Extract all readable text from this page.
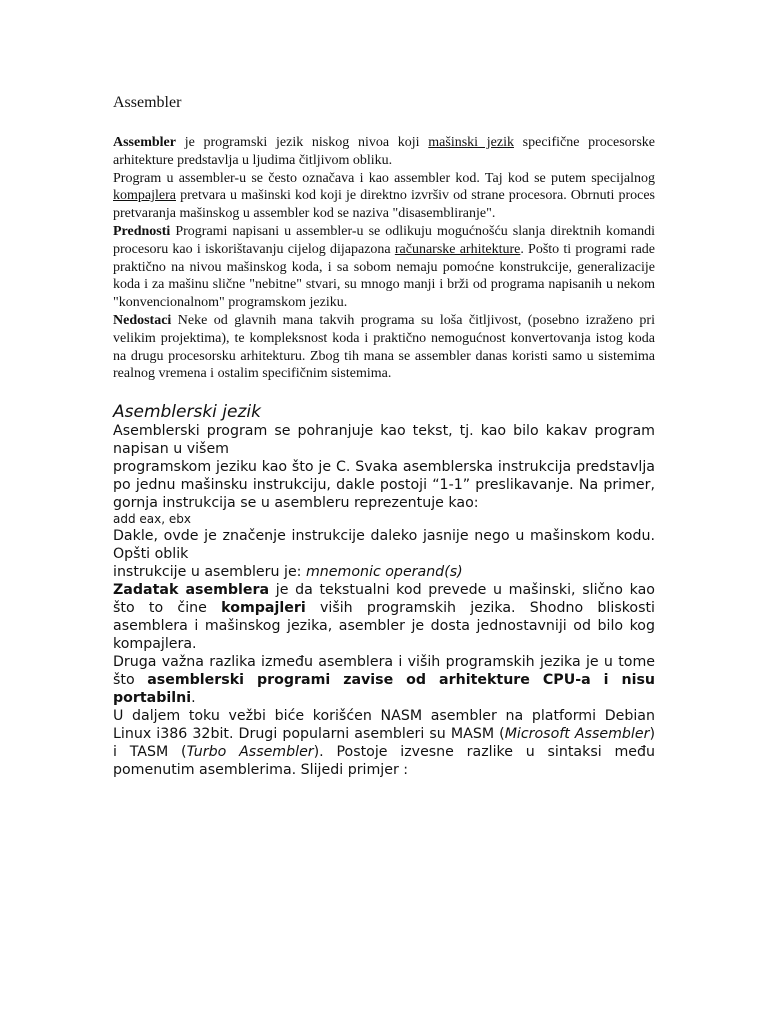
Assembler

Assembler je programski jezik niskog nivoa koji mašinski jezik specifične procesorske arhitekture predstavlja u ljudima čitljivom obliku.

Program u assembler-u se često označava i kao assembler kod. Taj kod se putem specijalnog kompajlera pretvara u mašinski kod koji je direktno izvršiv od strane procesora. Obrnuti proces pretvaranja mašinskog u assembler kod se naziva "disasembliranje".

Prednosti Programi napisani u assembler-u se odlikuju mogućnošću slanja direktnih komandi procesoru kao i iskorištavanju cijelog dijapazona računarske arhitekture. Pošto ti programi rade praktično na nivou mašinskog koda, i sa sobom nemaju pomoćne konstrukcije, generalizacije koda i za mašinu slične "nebitne" stvari, su mnogo manji i brži od programa napisanih u nekom "konvencionalnom" programskom jeziku.

Nedostaci Neke od glavnih mana takvih programa su loša čitljivost, (posebno izraženo pri velikim projektima), te kompleksnost koda i praktično nemogućnost konvertovanja istog koda na drugu procesorsku arhitekturu. Zbog tih mana se assembler danas koristi samo u sistemima realnog vremena i ostalim specifičnim sistemima.

Asemblerski jezik

Asemblerski program se pohranjuje kao tekst, tj. kao bilo kakav program napisan u višem

programskom jeziku kao što je C. Svaka asemblerska instrukcija predstavlja po jednu mašinsku instrukciju, dakle postoji “1-1” preslikavanje. Na primer, gornja instrukcija se u asembleru reprezentuje kao:

add eax, ebx

Dakle, ovde je značenje instrukcije daleko jasnije nego u mašinskom kodu. Opšti oblik

instrukcije u asembleru je: mnemonic operand(s)

Zadatak asemblera je da tekstualni kod prevede u mašinski, slično kao što to čine kompajleri viših programskih jezika. Shodno bliskosti asemblera i mašinskog jezika, asembler je dosta jednostavniji od bilo kog kompajlera.

Druga važna razlika između asemblera i viših programskih jezika je u tome što asemblerski programi zavise od arhitekture CPU-a i nisu portabilni.

U daljem toku vežbi biće korišćen NASM asembler na platformi Debian Linux i386 32bit. Drugi popularni asembleri su MASM (Microsoft Assembler) i TASM (Turbo Assembler). Postoje izvesne razlike u sintaksi među pomenutim asemblerima. Slijedi primjer :
